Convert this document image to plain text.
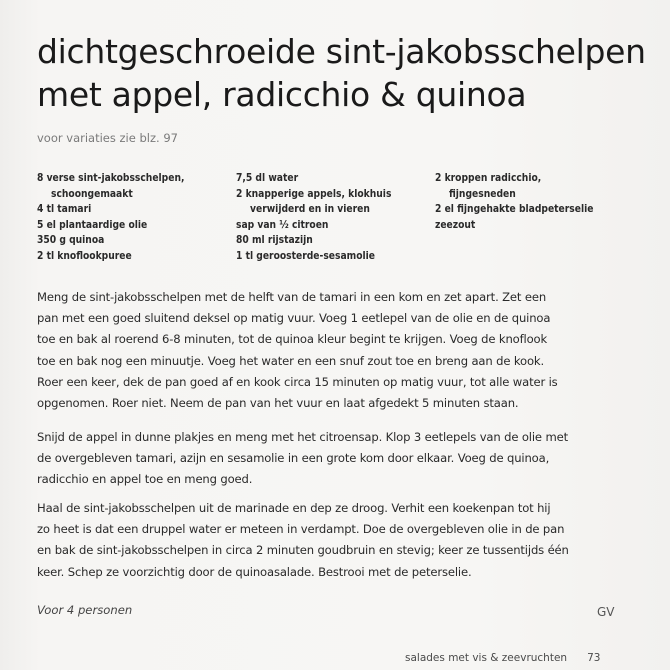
dichtgeschroeide sint-jakobsschelpen
met appel, radicchio & quinoa
voor variaties zie blz. 97
8 verse sint-jakobsschelpen,
schoongemaakt
4 tl tamari
5 el plantaardige olie
350 g quinoa
2 tl knoflookpuree
7,5 dl water
2 knapperige appels, klokhuis
verwijderd en in vieren
sap van ½ citroen
80 ml rijstazijn
1 tl geroosterde-sesamolie
2 kroppen radicchio,
fijngesneden
2 el fijngehakte bladpeterselie
zeezout

Meng de sint-jakobsschelpen met de helft van de tamari in een kom en zet apart. Zet een
pan met een goed sluitend deksel op matig vuur. Voeg 1 eetlepel van de olie en de quinoa
toe en bak al roerend 6-8 minuten, tot de quinoa kleur begint te krijgen. Voeg de knoflook
toe en bak nog een minuutje. Voeg het water en een snuf zout toe en breng aan de kook.
Roer een keer, dek de pan goed af en kook circa 15 minuten op matig vuur, tot alle water is
opgenomen. Roer niet. Neem de pan van het vuur en laat afgedekt 5 minuten staan.

Snijd de appel in dunne plakjes en meng met het citroensap. Klop 3 eetlepels van de olie met
de overgebleven tamari, azijn en sesamolie in een grote kom door elkaar. Voeg de quinoa,
radicchio en appel toe en meng goed.

Haal de sint-jakobsschelpen uit de marinade en dep ze droog. Verhit een koekenpan tot hij
zo heet is dat een druppel water er meteen in verdampt. Doe de overgebleven olie in de pan
en bak de sint-jakobsschelpen in circa 2 minuten goudbruin en stevig; keer ze tussentijds één
keer. Schep ze voorzichtig door de quinoasalade. Bestrooi met de peterselie.

Voor 4 personen	GV
salades met vis & zeevruchten 73
